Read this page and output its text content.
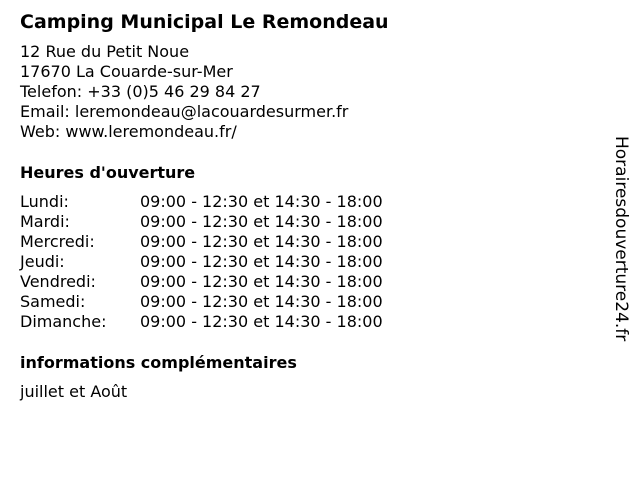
Camping Municipal Le Remondeau
12 Rue du Petit Noue
17670 La Couarde-sur-Mer
Telefon: +33 (0)5 46 29 84 27
Email: leremondeau@lacouardesurmer.fr
Web: www.leremondeau.fr/
Heures d'ouverture
Lundi:	09:00 - 12:30 et 14:30 - 18:00
Mardi:	09:00 - 12:30 et 14:30 - 18:00
Mercredi:	09:00 - 12:30 et 14:30 - 18:00
Jeudi:	09:00 - 12:30 et 14:30 - 18:00
Vendredi:	09:00 - 12:30 et 14:30 - 18:00
Samedi:	09:00 - 12:30 et 14:30 - 18:00
Dimanche:	09:00 - 12:30 et 14:30 - 18:00
informations complémentaires
juillet et Août
Horairesdouverture24.fr
